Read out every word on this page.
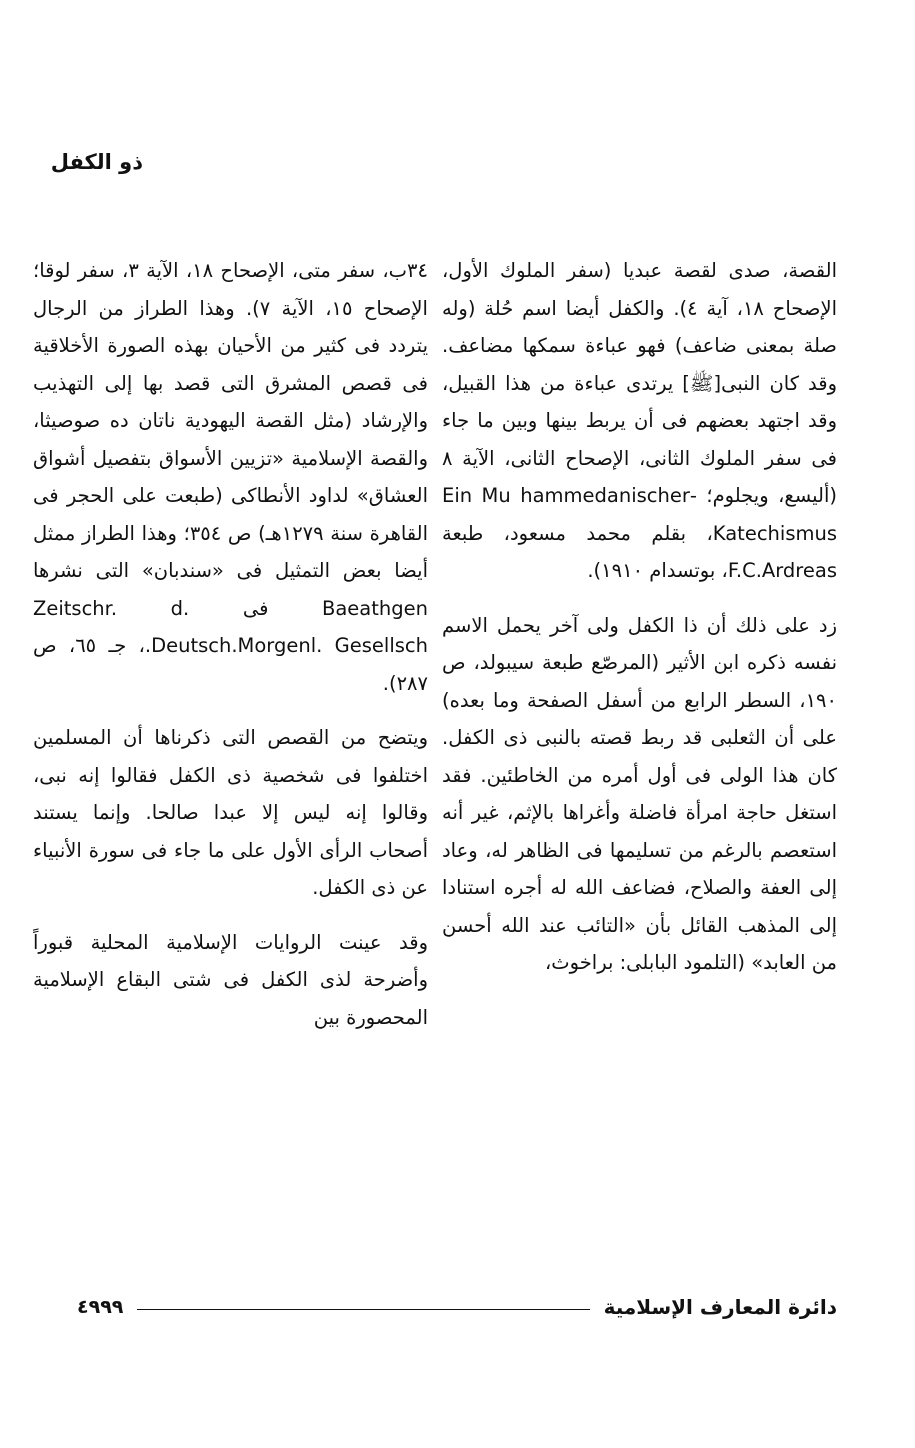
ذو الكفل

القصة، صدى لقصة عبديا (سفر الملوك الأول، الإصحاح ١٨، آية ٤). والكفل أيضا اسم حُلة (وله صلة بمعنى ضاعف) فهو عباءة سمكها مضاعف. وقد كان النبى[ﷺ] يرتدى عباءة من هذا القبيل، وقد اجتهد بعضهم فى أن يربط بينها وبين ما جاء فى سفر الملوك الثانى، الإصحاح الثانى، الآية ٨ (أليسع، ويجلوم؛ -Ein Mu hammedanischer Katechismus، بقلم محمد مسعود، طبعة F.C.Ardreas، بوتسدام ١٩١٠).

زد على ذلك أن ذا الكفل ولى آخر يحمل الاسم نفسه ذكره ابن الأثير (المرصّع طبعة سيبولد، ص ١٩٠، السطر الرابع من أسفل الصفحة وما بعده) على أن الثعلبى قد ربط قصته بالنبى ذى الكفل. كان هذا الولى فى أول أمره من الخاطئين. فقد استغل حاجة امرأة فاضلة وأغراها بالإثم، غير أنه استعصم بالرغم من تسليمها فى الظاهر له، وعاد إلى العفة والصلاح، فضاعف الله له أجره استنادا إلى المذهب القائل بأن «التائب عند الله أحسن من العابد» (التلمود البابلى: براخوث،

٣٤ب، سفر متى، الإصحاح ١٨، الآية ٣، سفر لوقا؛ الإصحاح ١٥، الآية ٧). وهذا الطراز من الرجال يتردد فى كثير من الأحيان بهذه الصورة الأخلاقية فى قصص المشرق التى قصد بها إلى التهذيب والإرشاد (مثل القصة اليهودية ناتان ده صوصيثا، والقصة الإسلامية «تزيين الأسواق بتفصيل أشواق العشاق» لداود الأنطاكى (طبعت على الحجر فى القاهرة سنة ١٢٧٩هـ) ص ٣٥٤؛ وهذا الطراز ممثل أيضا بعض التمثيل فى «سندبان» التى نشرها Baeathgen فى Zeitschr. d. Deutsch.Morgenl. Gesellsch.، جـ ٦٥، ص ٢٨٧).

ويتضح من القصص التى ذكرناها أن المسلمين اختلفوا فى شخصية ذى الكفل فقالوا إنه نبى، وقالوا إنه ليس إلا عبدا صالحا. وإنما يستند أصحاب الرأى الأول على ما جاء فى سورة الأنبياء عن ذى الكفل.

وقد عينت الروايات الإسلامية المحلية قبوراً وأضرحة لذى الكفل فى شتى البقاع الإسلامية المحصورة بين

دائرة المعارف الإسلامية
٤٩٩٩
